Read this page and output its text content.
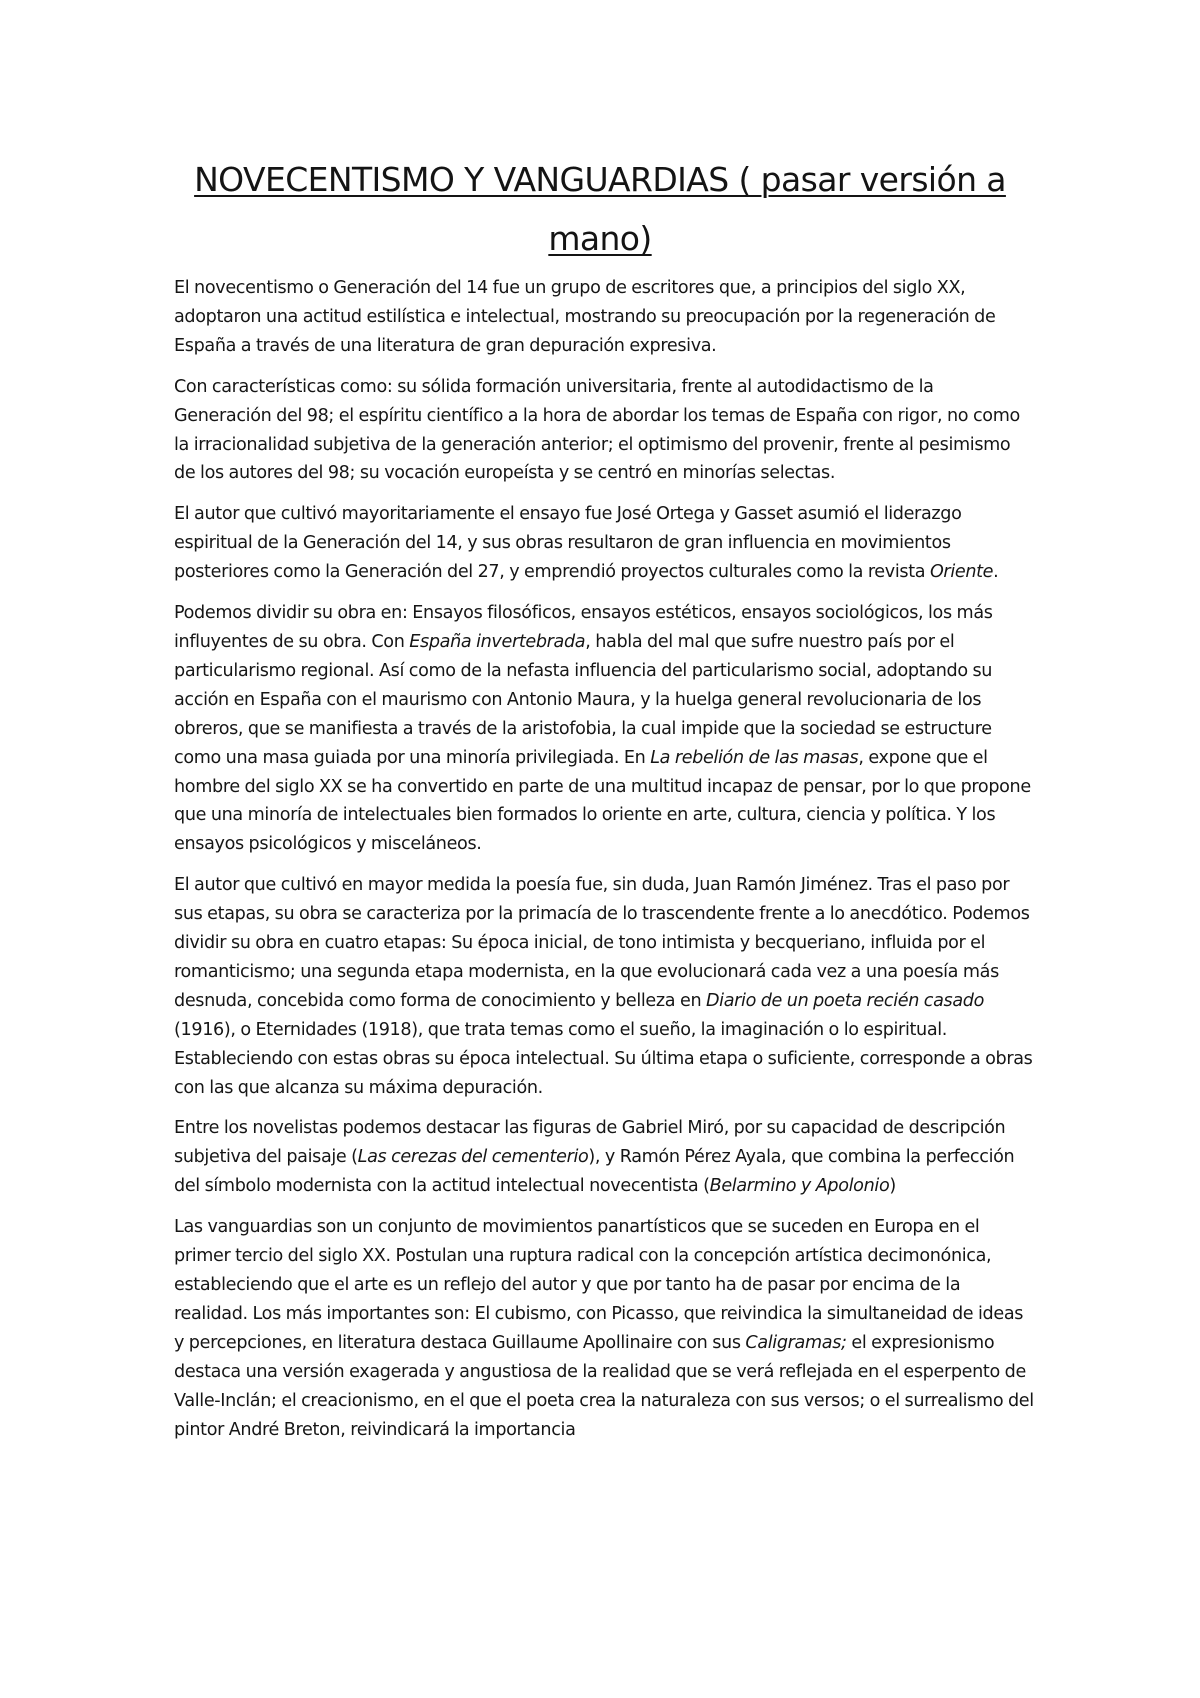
NOVECENTISMO Y VANGUARDIAS ( pasar versión a mano)

El novecentismo o Generación del 14 fue un grupo de escritores que, a principios del siglo XX, adoptaron una actitud estilística e intelectual, mostrando su preocupación por la regeneración de España a través de una literatura de gran depuración expresiva.

Con características como: su sólida formación universitaria, frente al autodidactismo de la Generación del 98; el espíritu científico a la hora de abordar los temas de España con rigor, no como la irracionalidad subjetiva de la generación anterior; el optimismo del provenir, frente al pesimismo de los autores del 98; su vocación europeísta y se centró en minorías selectas.

El autor que cultivó mayoritariamente el ensayo fue José Ortega y Gasset asumió el liderazgo espiritual de la Generación del 14, y sus obras resultaron de gran influencia en movimientos posteriores como la Generación del 27, y emprendió proyectos culturales como la revista Oriente.

Podemos dividir su obra en: Ensayos filosóficos, ensayos estéticos, ensayos sociológicos, los más influyentes de su obra. Con España invertebrada, habla del mal que sufre nuestro país por el particularismo regional. Así como de la nefasta influencia del particularismo social, adoptando su acción en España con el maurismo con Antonio Maura, y la huelga general revolucionaria de los obreros, que se manifiesta a través de la aristofobia, la cual impide que la sociedad se estructure como una masa guiada por una minoría privilegiada. En La rebelión de las masas, expone que el hombre del siglo XX se ha convertido en parte de una multitud incapaz de pensar, por lo que propone que una minoría de intelectuales bien formados lo oriente en arte, cultura, ciencia y política. Y los ensayos psicológicos y misceláneos.

El autor que cultivó en mayor medida la poesía fue, sin duda, Juan Ramón Jiménez. Tras el paso por sus etapas, su obra se caracteriza por la primacía de lo trascendente frente a lo anecdótico. Podemos dividir su obra en cuatro etapas: Su época inicial, de tono intimista y becqueriano, influida por el romanticismo; una segunda etapa modernista, en la que evolucionará cada vez a una poesía más desnuda, concebida como forma de conocimiento y belleza en Diario de un poeta recién casado (1916), o Eternidades (1918), que trata temas como el sueño, la imaginación o lo espiritual. Estableciendo con estas obras su época intelectual. Su última etapa o suficiente, corresponde a obras con las que alcanza su máxima depuración.

Entre los novelistas podemos destacar las figuras de Gabriel Miró, por su capacidad de descripción subjetiva del paisaje (Las cerezas del cementerio), y Ramón Pérez Ayala, que combina la perfección del símbolo modernista con la actitud intelectual novecentista (Belarmino y Apolonio)

Las vanguardias son un conjunto de movimientos panartísticos que se suceden en Europa en el primer tercio del siglo XX. Postulan una ruptura radical con la concepción artística decimonónica, estableciendo que el arte es un reflejo del autor y que por tanto ha de pasar por encima de la realidad. Los más importantes son: El cubismo, con Picasso, que reivindica la simultaneidad de ideas y percepciones, en literatura destaca Guillaume Apollinaire con sus Caligramas; el expresionismo destaca una versión exagerada y angustiosa de la realidad que se verá reflejada en el esperpento de Valle-Inclán; el creacionismo, en el que el poeta crea la naturaleza con sus versos; o el surrealismo del pintor André Breton, reivindicará la importancia
